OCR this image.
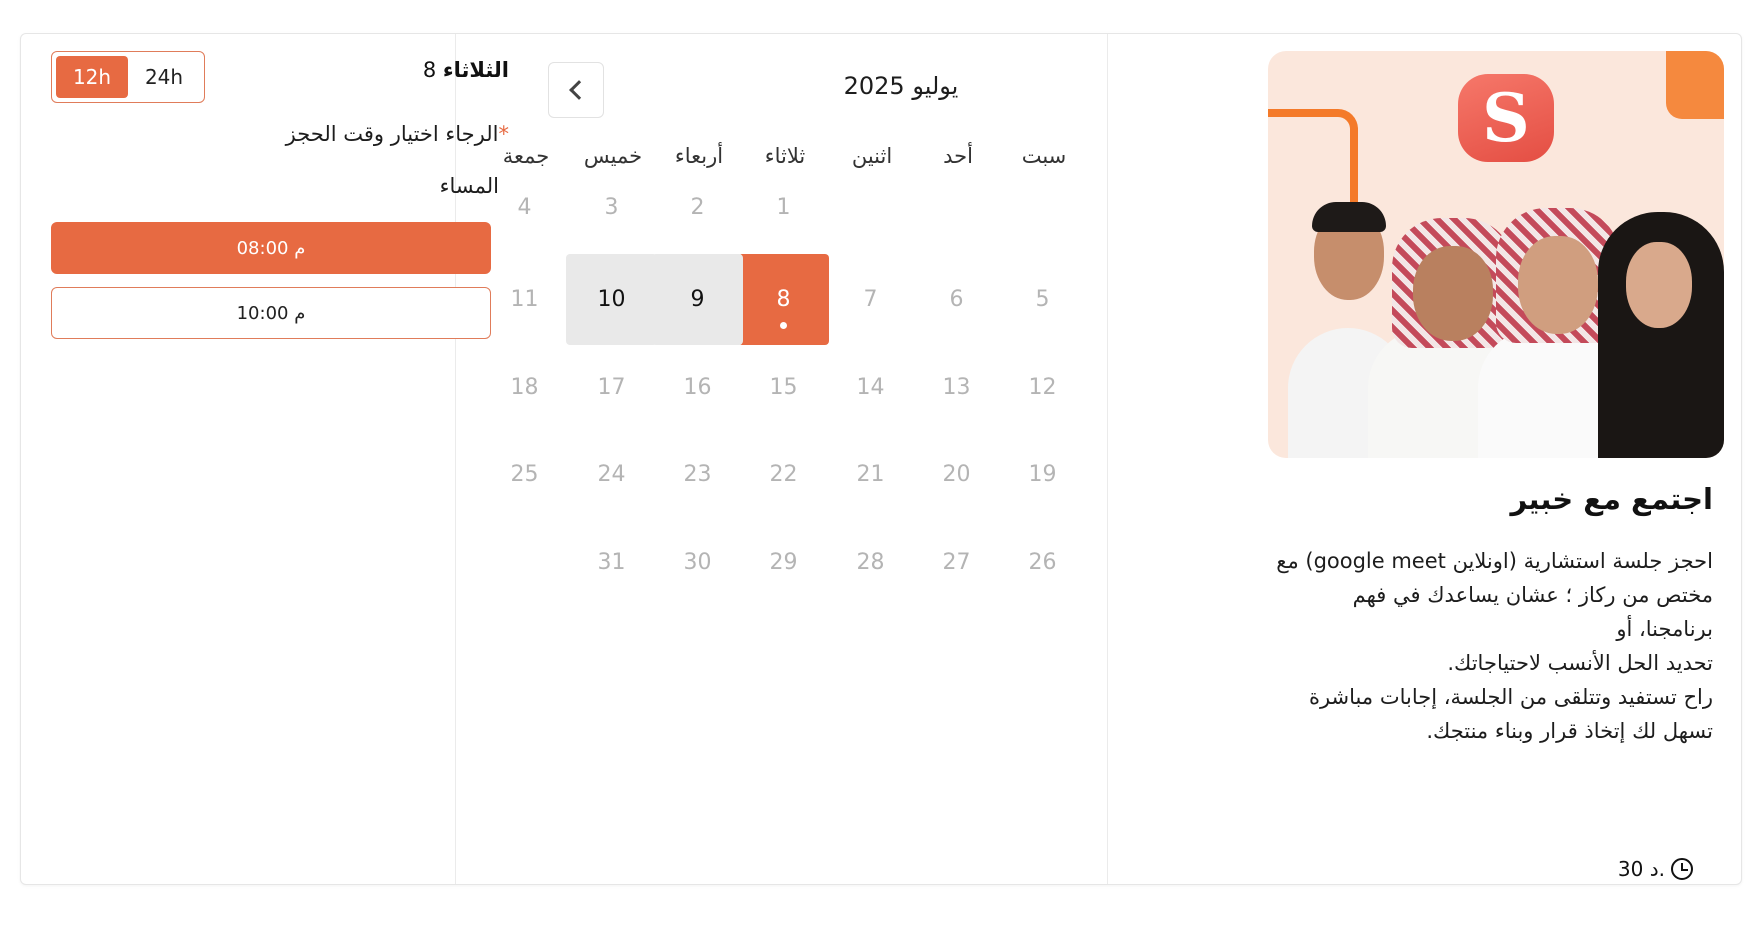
12h	24h	الثلاثاء 8
*الرجاء اختيار وقت الحجز
المساء
08:00 م
10:00 م
يوليو 2025
سبت
أحد
اثنين
ثلاثاء
أربعاء
خميس
جمعة
1
2
3
4
5
6
7
8
9
10
11
12
13
14
15
16
17
18
19
20
21
22
23
24
25
26
27
28
29
30
31
S
اجتمع مع خبير
احجز جلسة استشارية (اونلاين google meet) مع
مختص من ركاز ؛ عشان يساعدك في فهم برنامجنا، أو
تحديد الحل الأنسب لاحتياجاتك.
راح تستفيد وتتلقى من الجلسة، إجابات مباشرة
تسهل لك إتخاذ قرار وبناء منتجك.
30 د.
